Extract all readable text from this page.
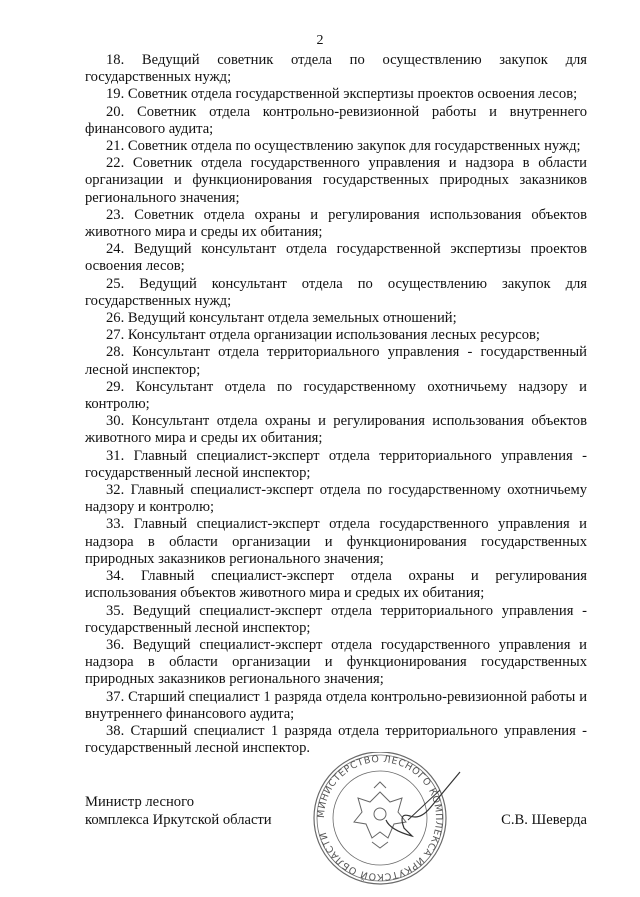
2

18. Ведущий советник отдела по осуществлению закупок для государственных нужд;

19. Советник отдела государственной экспертизы проектов освоения лесов;

20. Советник отдела контрольно-ревизионной работы и внутреннего финансового аудита;

21. Советник отдела по осуществлению закупок для государственных нужд;

22. Советник отдела государственного управления и надзора в области организации и функционирования государственных природных заказников регионального значения;

23. Советник отдела охраны и регулирования использования объектов животного мира и среды их обитания;

24. Ведущий консультант отдела государственной экспертизы проектов освоения лесов;

25. Ведущий консультант отдела по осуществлению закупок для государственных нужд;

26. Ведущий консультант отдела земельных отношений;

27. Консультант отдела организации использования лесных ресурсов;

28. Консультант отдела территориального управления - государственный лесной инспектор;

29. Консультант отдела по государственному охотничьему надзору и контролю;

30. Консультант отдела охраны и регулирования использования объектов животного мира и среды их обитания;

31. Главный специалист-эксперт отдела территориального управления - государственный лесной инспектор;

32. Главный специалист-эксперт отдела по государственному охотничьему надзору и контролю;

33. Главный специалист-эксперт отдела государственного управления и надзора в области организации и функционирования государственных природных заказников регионального значения;

34. Главный специалист-эксперт отдела охраны и регулирования использования объектов животного мира и средых их обитания;

35. Ведущий специалист-эксперт отдела территориального управления - государственный лесной инспектор;

36. Ведущий специалист-эксперт отдела государственного управления и надзора в области организации и функционирования государственных природных заказников регионального значения;

37. Старший специалист 1 разряда отдела контрольно-ревизионной работы и внутреннего финансового аудита;

38. Старший специалист 1 разряда отдела территориального управления - государственный лесной инспектор.

МИНИСТЕРСТВО ЛЕСНОГО КОМПЛЕКСА ИРКУТСКОЙ ОБЛАСТИ
Министр лесного
комплекса Иркутской области	С.В. Шеверда
